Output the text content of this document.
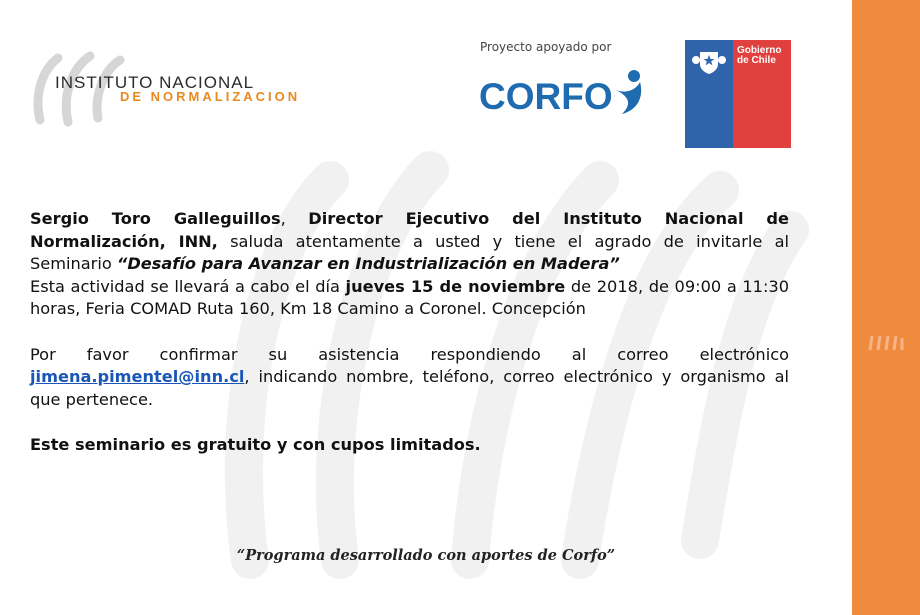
INSTITUTO NACIONAL
DE NORMALIZACION
Proyecto apoyado por
CORFO
Gobierno
de Chile

Sergio Toro Galleguillos, Director Ejecutivo del Instituto Nacional de Normalización, INN, saluda atentamente a usted y tiene el agrado de invitarle al Seminario “Desafío para Avanzar en Industrialización en Madera”

Esta actividad se llevará a cabo el día jueves 15 de noviembre de 2018, de 09:00 a 11:30 horas, Feria COMAD Ruta 160, Km 18 Camino a Coronel. Concepción

Por favor confirmar su asistencia respondiendo al correo electrónico jimena.pimentel@inn.cl, indicando nombre, teléfono, correo electrónico y organismo al que pertenece.

Este seminario es gratuito y con cupos limitados.

“Programa desarrollado con aportes de Corfo”
